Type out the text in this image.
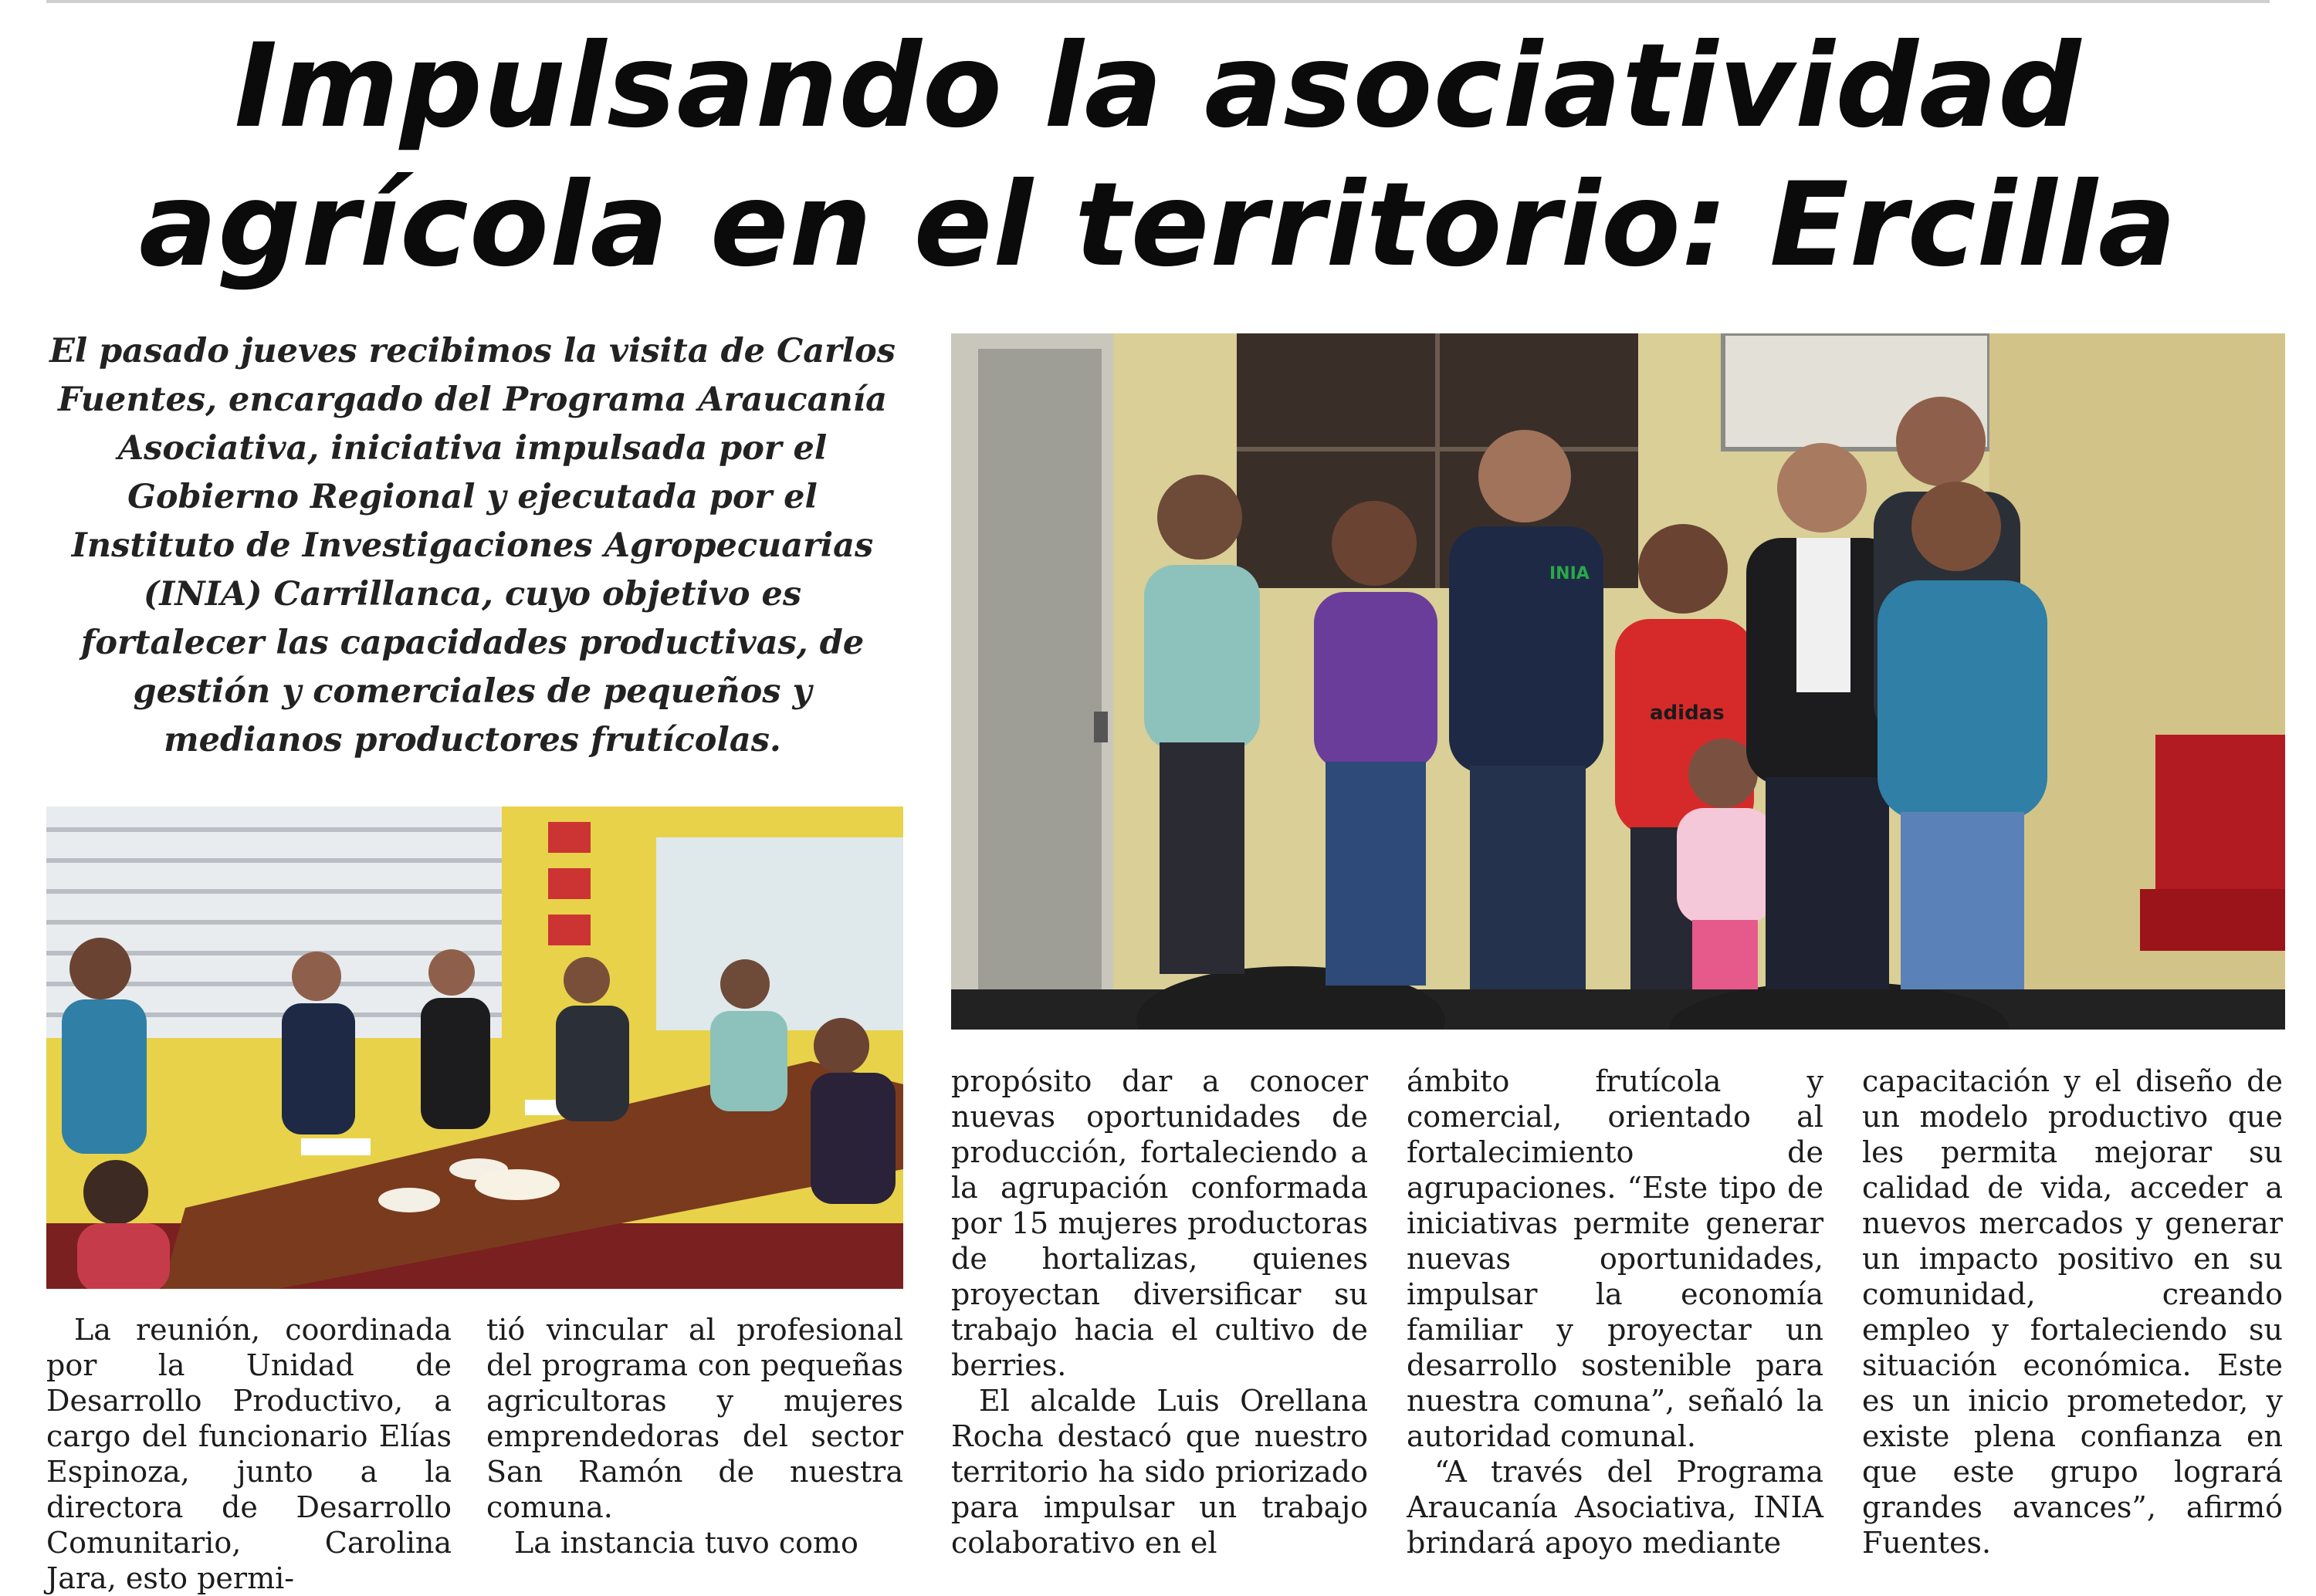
Impulsando la asociatividad
agrícola en el territorio: Ercilla

El pasado jueves recibimos la visita de Carlos Fuentes, encargado del Programa Araucanía Asociativa, iniciativa impulsada por el Gobierno Regional y ejecutada por el Instituto de Investigaciones Agropecuarias (INIA) Carrillanca, cuyo objetivo es fortalecer las capacidades productivas, de gestión y comerciales de pequeños y medianos productores frutícolas.

INIA
adidas

La reunión, coordinada por la Unidad de Desarrollo Productivo, a cargo del funcionario Elías Espinoza, junto a la directora de Desarrollo Comunitario, Carolina Jara, esto permi-

tió vincular al profesional del programa con pequeñas agricultoras y mujeres emprendedoras del sector San Ramón de nuestra comuna.

La instancia tuvo como

propósito dar a conocer nuevas oportunidades de producción, fortaleciendo a la agrupación conformada por 15 mujeres productoras de hortalizas, quienes proyectan diversificar su trabajo hacia el cultivo de berries.

El alcalde Luis Orellana Rocha destacó que nuestro territorio ha sido priorizado para impulsar un trabajo colaborativo en el

ámbito frutícola y comercial, orientado al fortalecimiento de agrupaciones. “Este tipo de iniciativas permite generar nuevas oportunidades, impulsar la economía familiar y proyectar un desarrollo sostenible para nuestra comuna”, señaló la autoridad comunal.

“A través del Programa Araucanía Asociativa, INIA brindará apoyo mediante

capacitación y el diseño de un modelo productivo que les permita mejorar su calidad de vida, acceder a nuevos mercados y generar un impacto positivo en su comunidad, creando empleo y fortaleciendo su situación económica. Este es un inicio prometedor, y existe plena confianza en que este grupo logrará grandes avances”, afirmó Fuentes.
